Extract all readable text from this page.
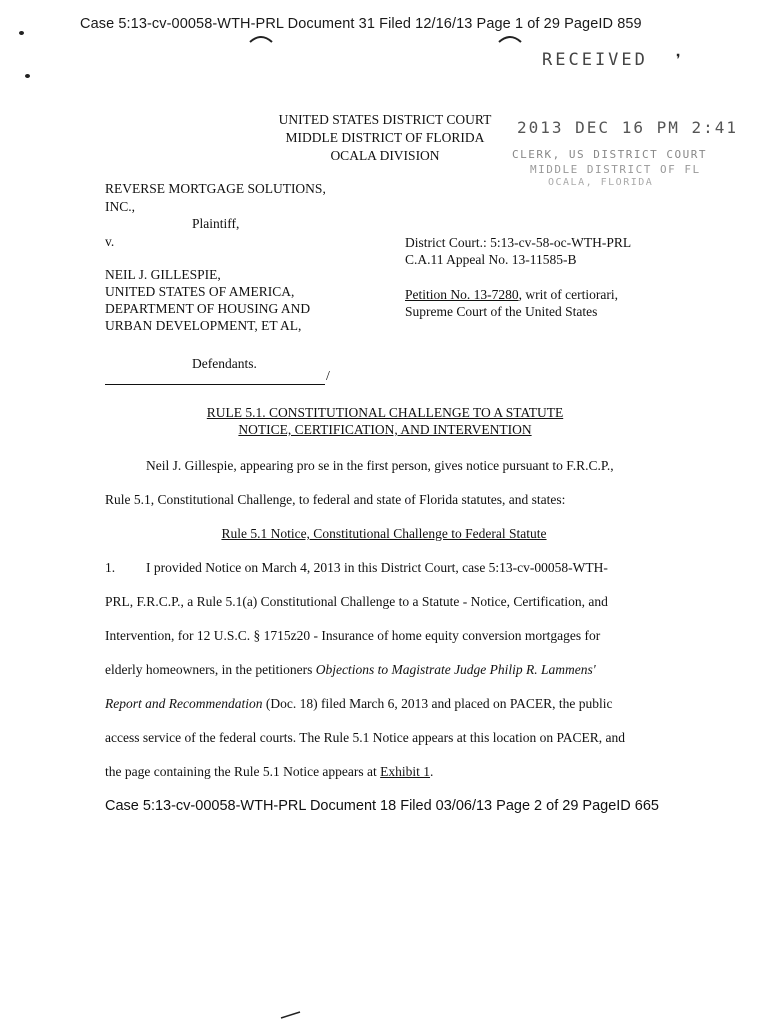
Case 5:13-cv-00058-WTH-PRL Document 31 Filed 12/16/13 Page 1 of 29 PageID 859
RECEIVED ❜
2013 DEC 16 PM 2:41
CLERK, US DISTRICT COURT
MIDDLE DISTRICT OF FL
OCALA, FLORIDA
UNITED STATES DISTRICT COURT
MIDDLE DISTRICT OF FLORIDA
OCALA DIVISION
REVERSE MORTGAGE SOLUTIONS,
INC.,
Plaintiff,
v.
NEIL J. GILLESPIE,
UNITED STATES OF AMERICA,
DEPARTMENT OF HOUSING AND
URBAN DEVELOPMENT, ET AL,
Defendants.
/
District Court.: 5:13-cv-58-oc-WTH-PRL
C.A.11 Appeal No. 13-11585-B
Petition No. 13-7280, writ of certiorari,
Supreme Court of the United States
RULE 5.1. CONSTITUTIONAL CHALLENGE TO A STATUTE
NOTICE, CERTIFICATION, AND INTERVENTION
Neil J. Gillespie, appearing pro se in the first person, gives notice pursuant to F.R.C.P.,
Rule 5.1, Constitutional Challenge, to federal and state of Florida statutes, and states:
Rule 5.1 Notice, Constitutional Challenge to Federal Statute
1. I provided Notice on March 4, 2013 in this District Court, case 5:13-cv-00058-WTH-
PRL, F.R.C.P., a Rule 5.1(a) Constitutional Challenge to a Statute - Notice, Certification, and
Intervention, for 12 U.S.C. § 1715z20 - Insurance of home equity conversion mortgages for
elderly homeowners, in the petitioners Objections to Magistrate Judge Philip R. Lammens'
Report and Recommendation (Doc. 18) filed March 6, 2013 and placed on PACER, the public
access service of the federal courts. The Rule 5.1 Notice appears at this location on PACER, and
the page containing the Rule 5.1 Notice appears at Exhibit 1.
Case 5:13-cv-00058-WTH-PRL Document 18 Filed 03/06/13 Page 2 of 29 PageID 665
